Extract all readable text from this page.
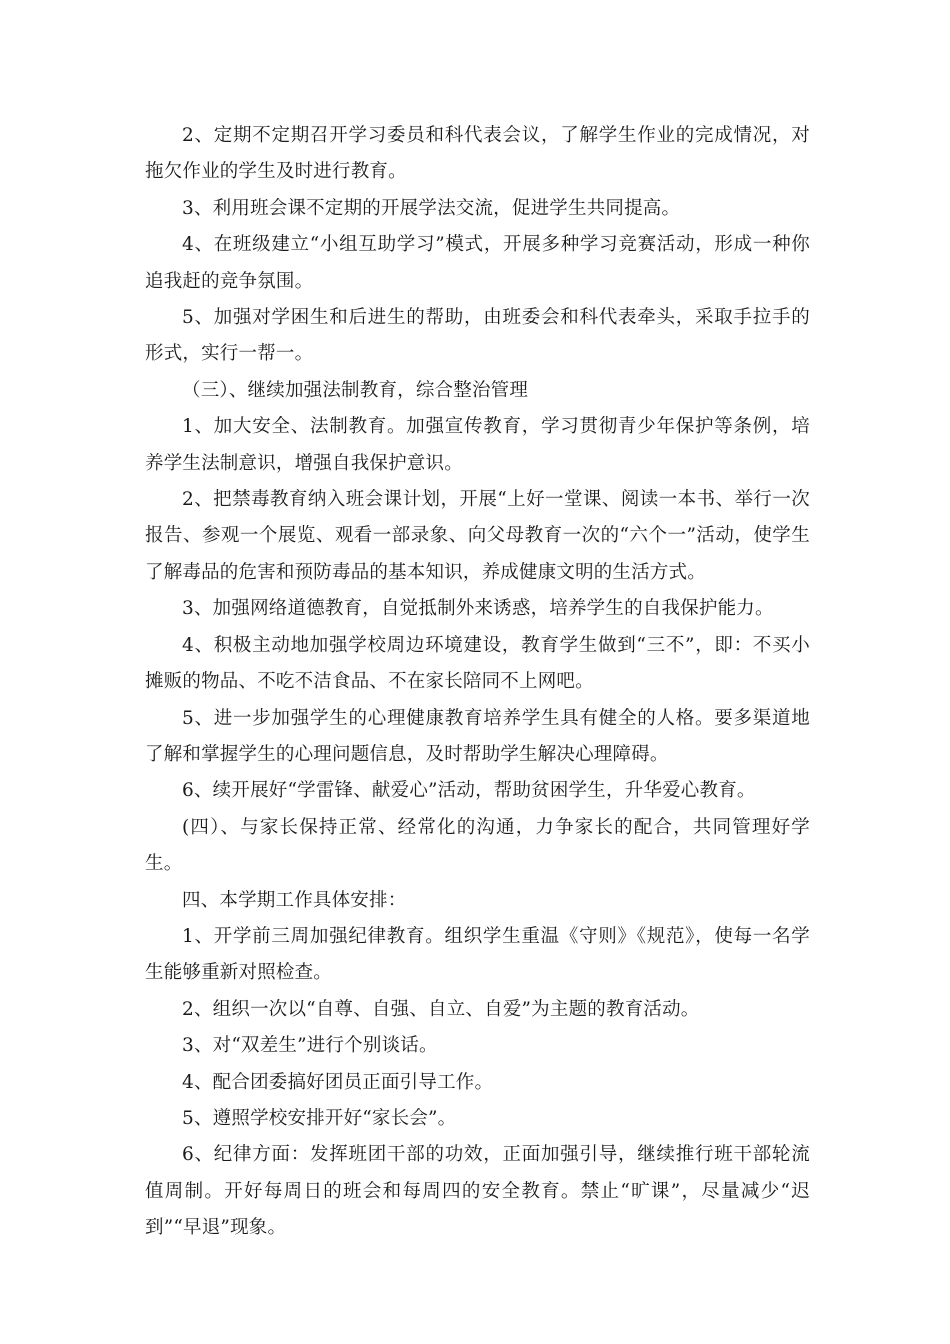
2、定期不定期召开学习委员和科代表会议，了解学生作业的完成情况，对拖欠作业的学生及时进行教育。

3、利用班会课不定期的开展学法交流，促进学生共同提高。

4、在班级建立“小组互助学习”模式，开展多种学习竞赛活动，形成一种你追我赶的竞争氛围。

5、加强对学困生和后进生的帮助，由班委会和科代表牵头，采取手拉手的形式，实行一帮一。

（三）、继续加强法制教育，综合整治管理

1、加大安全、法制教育。加强宣传教育，学习贯彻青少年保护等条例，培养学生法制意识，增强自我保护意识。

2、把禁毒教育纳入班会课计划，开展“上好一堂课、阅读一本书、举行一次报告、参观一个展览、观看一部录象、向父母教育一次的“六个一”活动，使学生了解毒品的危害和预防毒品的基本知识，养成健康文明的生活方式。

3、加强网络道德教育，自觉抵制外来诱惑，培养学生的自我保护能力。

4、积极主动地加强学校周边环境建设，教育学生做到“三不”，即：不买小摊贩的物品、不吃不洁食品、不在家长陪同不上网吧。

5、进一步加强学生的心理健康教育培养学生具有健全的人格。要多渠道地了解和掌握学生的心理问题信息，及时帮助学生解决心理障碍。

6、续开展好“学雷锋、献爱心”活动，帮助贫困学生，升华爱心教育。

(四）、与家长保持正常、经常化的沟通，力争家长的配合，共同管理好学生。

四、本学期工作具体安排：

1、开学前三周加强纪律教育。组织学生重温《守则》《规范》，使每一名学生能够重新对照检查。

2、组织一次以“自尊、自强、自立、自爱”为主题的教育活动。

3、对“双差生”进行个别谈话。

4、配合团委搞好团员正面引导工作。

5、遵照学校安排开好“家长会”。

6、纪律方面：发挥班团干部的功效，正面加强引导，继续推行班干部轮流值周制。开好每周日的班会和每周四的安全教育。禁止“旷课”，尽量减少“迟到”“早退”现象。
